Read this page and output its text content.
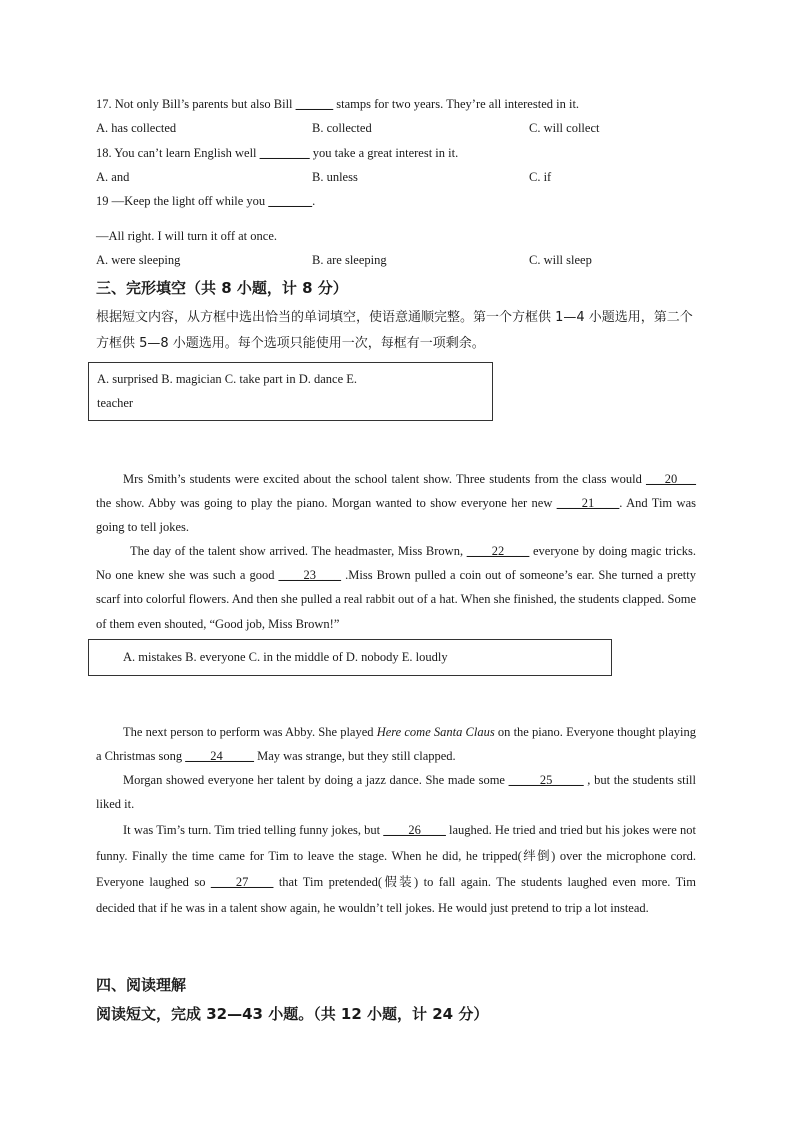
17. Not only Bill’s parents but also Bill ______ stamps for two years. They’re all interested in it.
A. has collected	B. collected	C. will collect
18. You can’t learn English well ________ you take a great interest in it.
A. and	B. unless	C. if
19 —Keep the light off while you _______.
—All right. I will turn it off at once.
A. were sleeping	B. are sleeping	C. will sleep
三、完形填空（共 8 小题，计 8 分）
根据短文内容，从方框中选出恰当的单词填空，使语意通顺完整。第一个方框供 1—4 小题选用，第二个方框供 5—8 小题选用。每个选项只能使用一次，每框有一项剩余。
A. surprised B. magician C. take part in D. dance E.
teacher
Mrs Smith’s students were excited about the school talent show. Three students from the class would ___20___ the show. Abby was going to play the piano. Morgan wanted to show everyone her new ____21____. And Tim was going to tell jokes.
The day of the talent show arrived. The headmaster, Miss Brown, ____22____ everyone by doing magic tricks. No one knew she was such a good ____23____ .Miss Brown pulled a coin out of someone’s ear. She turned a pretty scarf into colorful flowers. And then she pulled a real rabbit out of a hat. When she finished, the students clapped. Some of them even shouted, “Good job, Miss Brown!”
A. mistakes B. everyone C. in the middle of D. nobody E. loudly
The next person to perform was Abby. She played Here come Santa Claus on the piano. Everyone thought playing a Christmas song ____24_____ May was strange, but they still clapped.
Morgan showed everyone her talent by doing a jazz dance. She made some _____25_____ , but the students still liked it.
It was Tim’s turn. Tim tried telling funny jokes, but ____26____ laughed. He tried and tried but his jokes were not funny. Finally the time came for Tim to leave the stage. When he did, he tripped(绊倒) over the microphone cord. Everyone laughed so ____27____ that Tim pretended(假装) to fall again. The students laughed even more. Tim decided that if he was in a talent show again, he wouldn’t tell jokes. He would just pretend to trip a lot instead.
四、阅读理解
阅读短文，完成 32—43 小题。（共 12 小题，计 24 分）
